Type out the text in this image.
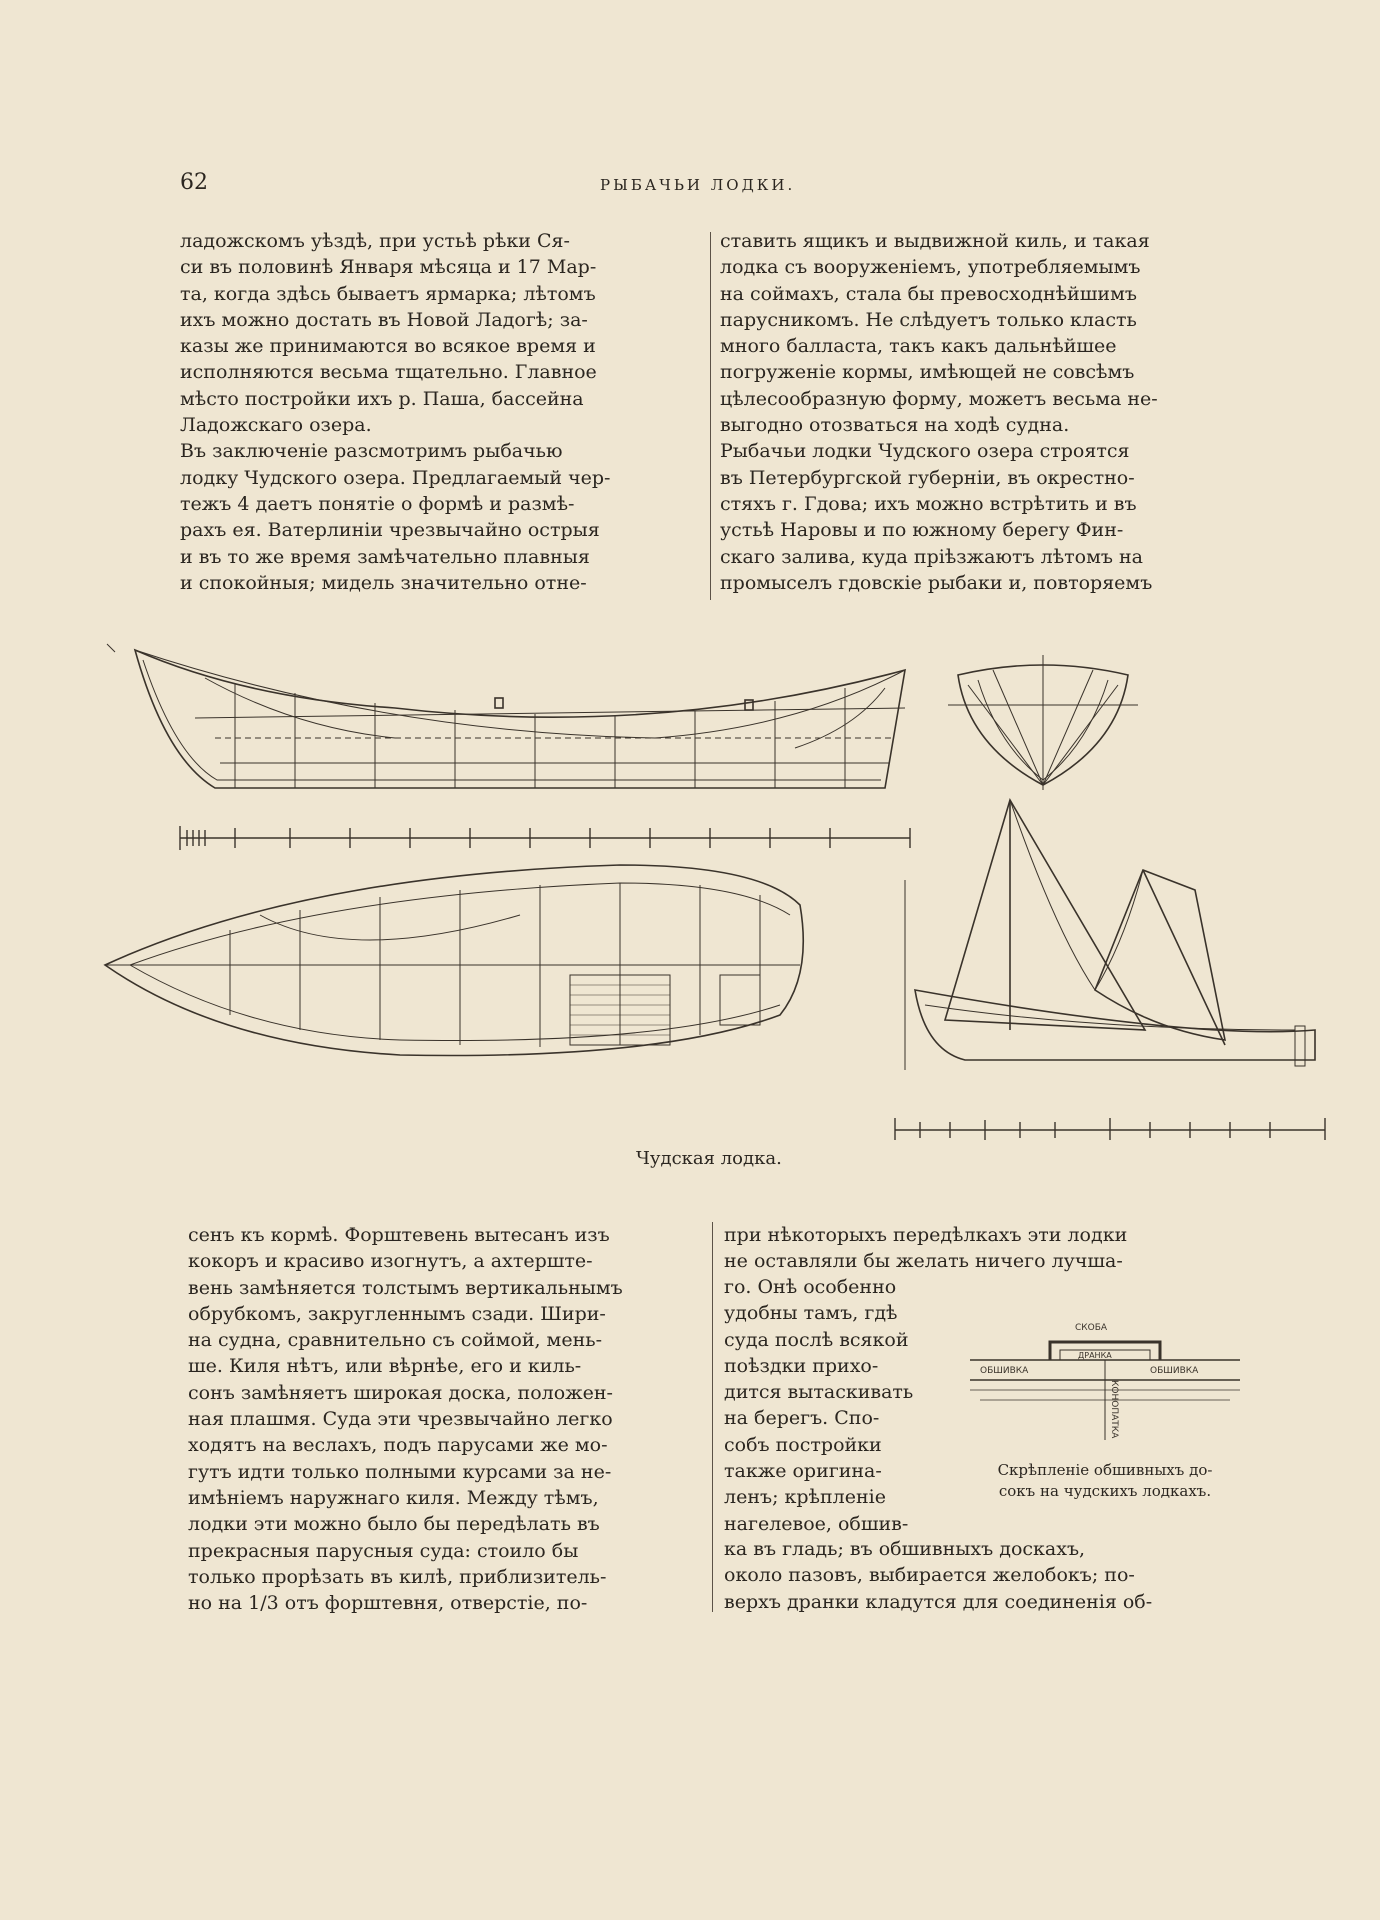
62	РЫБАЧЬИ ЛОДКИ.
ладожскомъ уѣздѣ, при устьѣ рѣки Ся-
си въ половинѣ Января мѣсяца и 17 Мар-
та, когда здѣсь бываетъ ярмарка; лѣтомъ
ихъ можно достать въ Новой Ладогѣ; за-
казы же принимаются во всякое время и
исполняются весьма тщательно. Главное
мѣсто постройки ихъ р. Паша, бассейна
Ладожскаго озера.
Въ заключеніе разсмотримъ рыбачью
лодку Чудского озера. Предлагаемый чер-
тежъ 4 даетъ понятіе о формѣ и размѣ-
рахъ ея. Ватерлиніи чрезвычайно острыя
и въ то же время замѣчательно плавныя
и спокойныя; мидель значительно отне-
ставить ящикъ и выдвижной киль, и такая
лодка съ вооруженіемъ, употребляемымъ
на соймахъ, стала бы превосходнѣйшимъ
парусникомъ. Не слѣдуетъ только класть
много балласта, такъ какъ дальнѣйшее
погруженіе кормы, имѣющей не совсѣмъ
цѣлесообразную форму, можетъ весьма не-
выгодно отозваться на ходѣ судна.
Рыбачьи лодки Чудского озера строятся
въ Петербургской губерніи, въ окрестно-
стяхъ г. Гдова; ихъ можно встрѣтить и въ
устьѣ Наровы и по южному берегу Фин-
скаго залива, куда пріѣзжаютъ лѣтомъ на
промыселъ гдовскіе рыбаки и, повторяемъ
Чудская лодка.
сенъ къ кормѣ. Форштевень вытесанъ изъ
кокоръ и красиво изогнутъ, а ахтерште-
вень замѣняется толстымъ вертикальнымъ
обрубкомъ, закругленнымъ сзади. Шири-
на судна, сравнительно съ соймой, мень-
ше. Киля нѣтъ, или вѣрнѣе, его и киль-
сонъ замѣняетъ широкая доска, положен-
ная плашмя. Суда эти чрезвычайно легко
ходятъ на веслахъ, подъ парусами же мо-
гутъ идти только полными курсами за не-
имѣніемъ наружнаго киля. Между тѣмъ,
лодки эти можно было бы передѣлать въ
прекрасныя парусныя суда: стоило бы
только прорѣзать въ килѣ, приблизитель-
но на 1/3 отъ форштевня, отверстіе, по-
при нѣкоторыхъ передѣлкахъ эти лодки
не оставляли бы желать ничего лучша-
го. Онѣ особенно
удобны тамъ, гдѣ
суда послѣ всякой
поѣздки прихо-
дится вытаскивать
на берегъ. Спо-
собъ постройки
также оригина-
ленъ; крѣпленіе
нагелевое, обшив-
ка въ гладь; въ обшивныхъ доскахъ,
около пазовъ, выбирается желобокъ; по-
верхъ дранки кладутся для соединенія об-
СКОБА
ОБШИВКА	ОБШИВКА
ДРАНКА
КОНОПАТКА
Скрѣпленіе обшивныхъ до-
сокъ на чудскихъ лодкахъ.
